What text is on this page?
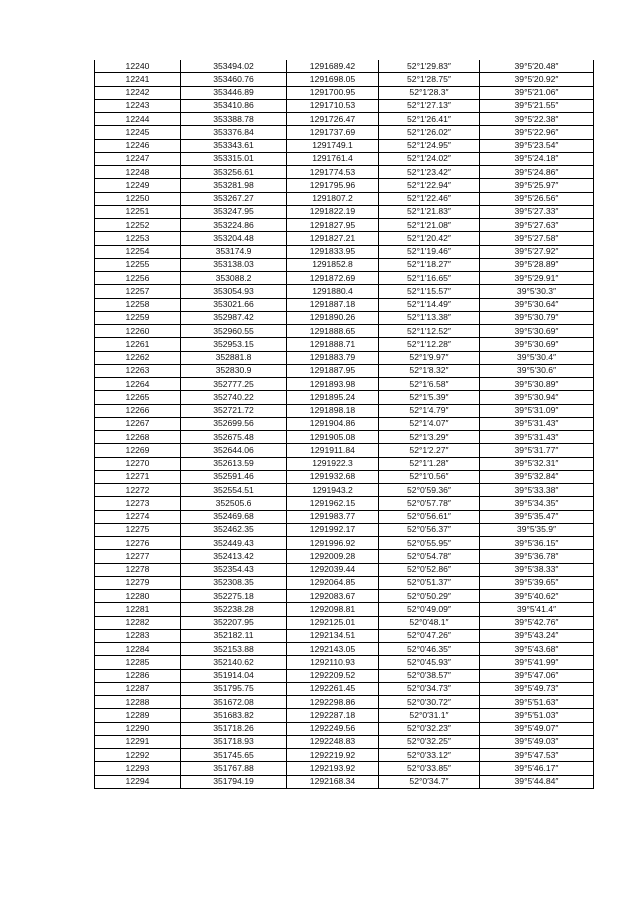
12240	353494.02	1291689.42	52°1′29.83″	39°5′20.48″
12241	353460.76	1291698.05	52°1′28.75″	39°5′20.92″
12242	353446.89	1291700.95	52°1′28.3″	39°5′21.06″
12243	353410.86	1291710.53	52°1′27.13″	39°5′21.55″
12244	353388.78	1291726.47	52°1′26.41″	39°5′22.38″
12245	353376.84	1291737.69	52°1′26.02″	39°5′22.96″
12246	353343.61	1291749.1	52°1′24.95″	39°5′23.54″
12247	353315.01	1291761.4	52°1′24.02″	39°5′24.18″
12248	353256.61	1291774.53	52°1′23.42″	39°5′24.86″
12249	353281.98	1291795.96	52°1′22.94″	39°5′25.97″
12250	353267.27	1291807.2	52°1′22.46″	39°5′26.56″
12251	353247.95	1291822.19	52°1′21.83″	39°5′27.33″
12252	353224.86	1291827.95	52°1′21.08″	39°5′27.63″
12253	353204.48	1291827.21	52°1′20.42″	39°5′27.58″
12254	353174.9	1291833.95	52°1′19.46″	39°5′27.92″
12255	353138.03	1291852.8	52°1′18.27″	39°5′28.89″
12256	353088.2	1291872.69	52°1′16.65″	39°5′29.91″
12257	353054.93	1291880.4	52°1′15.57″	39°5′30.3″
12258	353021.66	1291887.18	52°1′14.49″	39°5′30.64″
12259	352987.42	1291890.26	52°1′13.38″	39°5′30.79″
12260	352960.55	1291888.65	52°1′12.52″	39°5′30.69″
12261	352953.15	1291888.71	52°1′12.28″	39°5′30.69″
12262	352881.8	1291883.79	52°1′9.97″	39°5′30.4″
12263	352830.9	1291887.95	52°1′8.32″	39°5′30.6″
12264	352777.25	1291893.98	52°1′6.58″	39°5′30.89″
12265	352740.22	1291895.24	52°1′5.39″	39°5′30.94″
12266	352721.72	1291898.18	52°1′4.79″	39°5′31.09″
12267	352699.56	1291904.86	52°1′4.07″	39°5′31.43″
12268	352675.48	1291905.08	52°1′3.29″	39°5′31.43″
12269	352644.06	1291911.84	52°1′2.27″	39°5′31.77″
12270	352613.59	1291922.3	52°1′1.28″	39°5′32.31″
12271	352591.46	1291932.68	52°1′0.56″	39°5′32.84″
12272	352554.51	1291943.2	52°0′59.36″	39°5′33.38″
12273	352505.6	1291962.15	52°0′57.78″	39°5′34.35″
12274	352469.68	1291983.77	52°0′56.61″	39°5′35.47″
12275	352462.35	1291992.17	52°0′56.37″	39°5′35.9″
12276	352449.43	1291996.92	52°0′55.95″	39°5′36.15″
12277	352413.42	1292009.28	52°0′54.78″	39°5′36.78″
12278	352354.43	1292039.44	52°0′52.86″	39°5′38.33″
12279	352308.35	1292064.85	52°0′51.37″	39°5′39.65″
12280	352275.18	1292083.67	52°0′50.29″	39°5′40.62″
12281	352238.28	1292098.81	52°0′49.09″	39°5′41.4″
12282	352207.95	1292125.01	52°0′48.1″	39°5′42.76″
12283	352182.11	1292134.51	52°0′47.26″	39°5′43.24″
12284	352153.88	1292143.05	52°0′46.35″	39°5′43.68″
12285	352140.62	1292110.93	52°0′45.93″	39°5′41.99″
12286	351914.04	1292209.52	52°0′38.57″	39°5′47.06″
12287	351795.75	1292261.45	52°0′34.73″	39°5′49.73″
12288	351672.08	1292298.86	52°0′30.72″	39°5′51.63″
12289	351683.82	1292287.18	52°0′31.1″	39°5′51.03″
12290	351718.26	1292249.56	52°0′32.23″	39°5′49.07″
12291	351718.93	1292248.83	52°0′32.25″	39°5′49.03″
12292	351745.65	1292219.92	52°0′33.12″	39°5′47.53″
12293	351767.88	1292193.92	52°0′33.85″	39°5′46.17″
12294	351794.19	1292168.34	52°0′34.7″	39°5′44.84″
